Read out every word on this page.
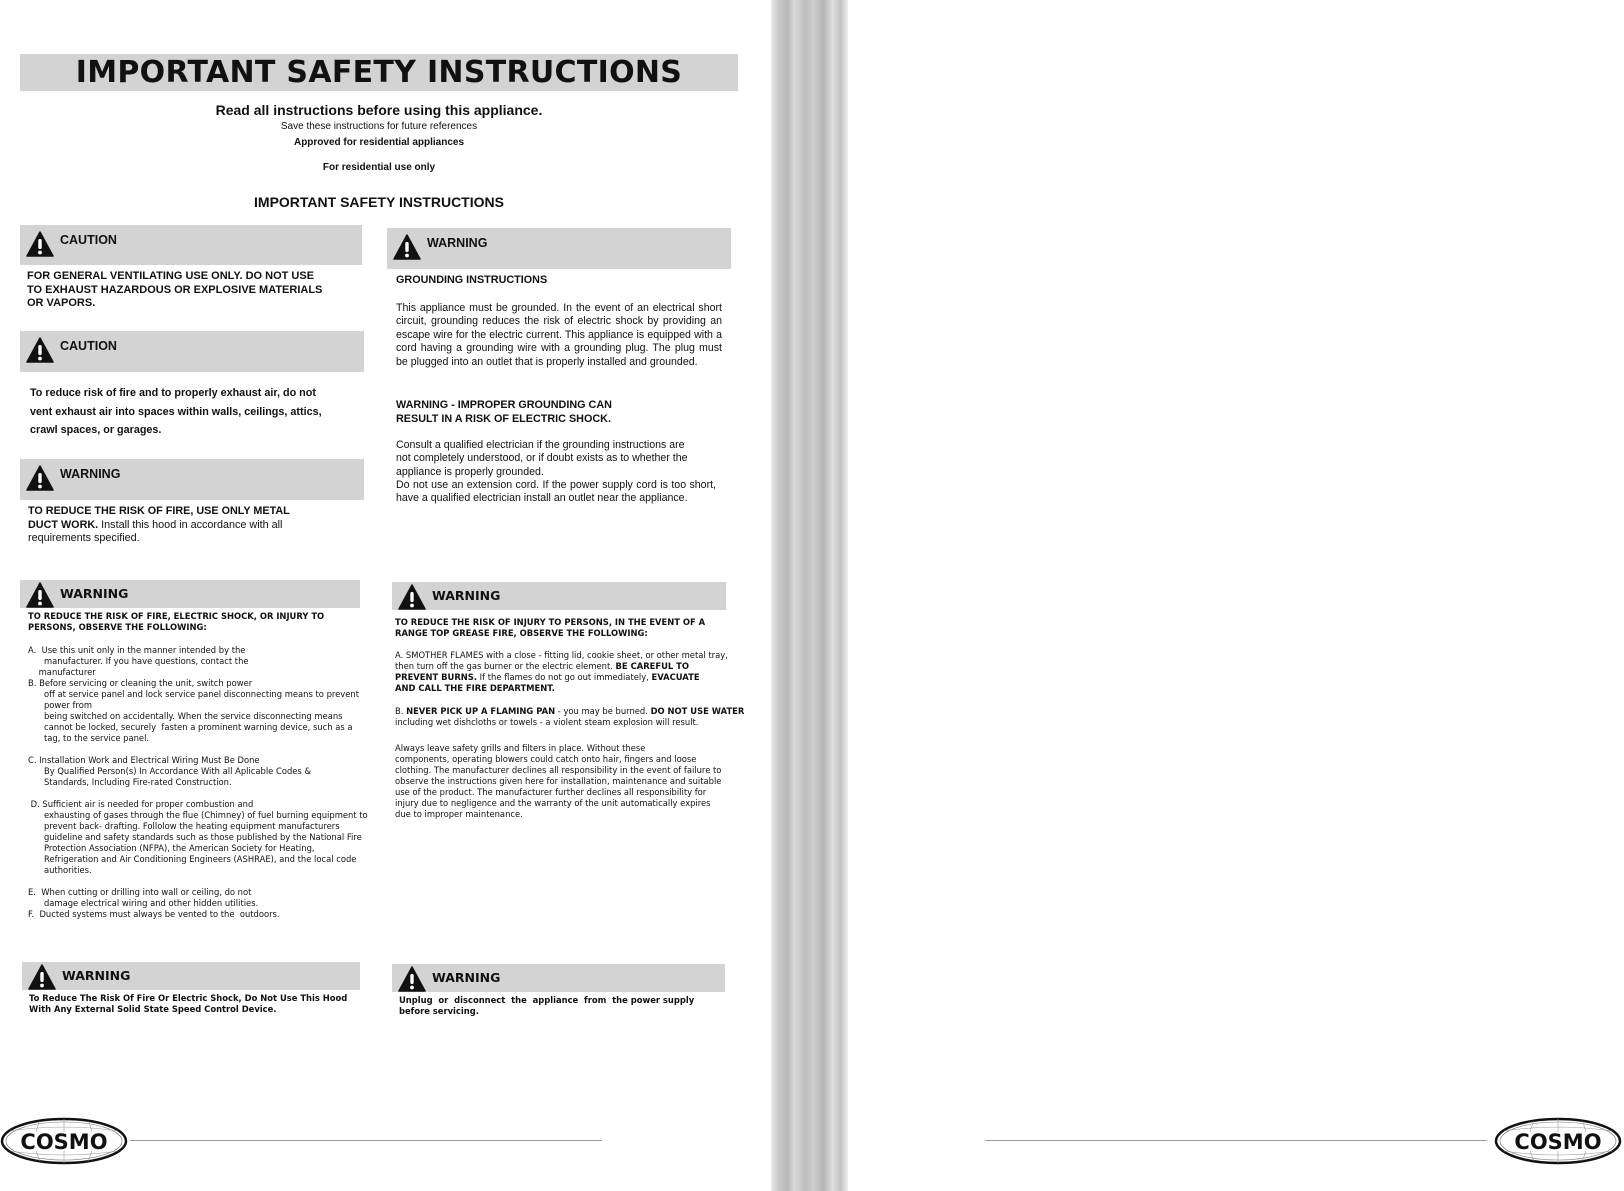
IMPORTANT SAFETY INSTRUCTIONS
Read all instructions before using this appliance.
Save these instructions for future references
Approved for residential appliances
For residential use only
IMPORTANT SAFETY INSTRUCTIONS
CAUTION
FOR GENERAL VENTILATING USE ONLY. DO NOT USE
TO EXHAUST HAZARDOUS OR EXPLOSIVE MATERIALS
OR VAPORS.
CAUTION
To reduce risk of fire and to properly exhaust air, do not
vent exhaust air into spaces within walls, ceilings, attics,
crawl spaces, or garages.
WARNING
TO REDUCE THE RISK OF FIRE, USE ONLY METAL
DUCT WORK. Install this hood in accordance with all
requirements specified.
WARNING
TO REDUCE THE RISK OF FIRE, ELECTRIC SHOCK, OR INJURY TO
PERSONS, OBSERVE THE FOLLOWING:
A.  Use this unit only in the manner intended by the
manufacturer. If you have questions, contact the
manufacturer
B. Before servicing or cleaning the unit, switch power
off at service panel and lock service panel disconnecting means to prevent
power from
being switched on accidentally. When the service disconnecting means
cannot be locked, securely  fasten a prominent warning device, such as a
tag, to the service panel.

C. Installation Work and Electrical Wiring Must Be Done
By Qualified Person(s) In Accordance With all Aplicable Codes &
Standards, Including Fire-rated Construction.

D. Sufficient air is needed for proper combustion and
exhausting of gases through the flue (Chimney) of fuel burning equipment to
prevent back- drafting. Follolow the heating equipment manufacturers
guideline and safety standards such as those published by the National Fire
Protection Association (NFPA), the American Society for Heating,
Refrigeration and Air Conditioning Engineers (ASHRAE), and the local code
authorities.

E.  When cutting or drilling into wall or ceiling, do not
damage electrical wiring and other hidden utilities.
F.  Ducted systems must always be vented to the  outdoors.
WARNING
To Reduce The Risk Of Fire Or Electric Shock, Do Not Use This Hood
With Any External Solid State Speed Control Device.
WARNING
GROUNDING INSTRUCTIONS
This appliance must be grounded. In the event of an electrical short circuit, grounding reduces the risk of electric shock by providing an escape wire for the electric current. This appliance is equipped with a cord having a grounding wire with a grounding plug. The plug must be plugged into an outlet that is properly installed and grounded.
WARNING - IMPROPER GROUNDING CAN
RESULT IN A RISK OF ELECTRIC SHOCK.
Consult a qualified electrician if the grounding instructions are
not completely understood, or if doubt exists as to whether the
appliance is properly grounded.
Do not use an extension cord. If the power supply cord is too short, have a qualified electrician install an outlet near the appliance.
WARNING
TO REDUCE THE RISK OF INJURY TO PERSONS, IN THE EVENT OF A
RANGE TOP GREASE FIRE, OBSERVE THE FOLLOWING:
A. SMOTHER FLAMES with a close - fitting lid, cookie sheet, or other metal tray,
then turn off the gas burner or the electric element. BE CAREFUL TO
PREVENT BURNS. If the flames do not go out immediately, EVACUATE
AND CALL THE FIRE DEPARTMENT.
B. NEVER PICK UP A FLAMING PAN - you may be burned. DO NOT USE WATER
including wet dishcloths or towels - a violent steam explosion will result.
Always leave safety grills and filters in place. Without these
components, operating blowers could catch onto hair, fingers and loose
clothing. The manufacturer declines all responsibility in the event of failure to
observe the instructions given here for installation, maintenance and suitable
use of the product. The manufacturer further declines all responsibility for
injury due to negligence and the warranty of the unit automatically expires
due to improper maintenance.
WARNING
Unplug  or  disconnect  the  appliance  from  the power supply
before servicing.
COSMO	COSMO
